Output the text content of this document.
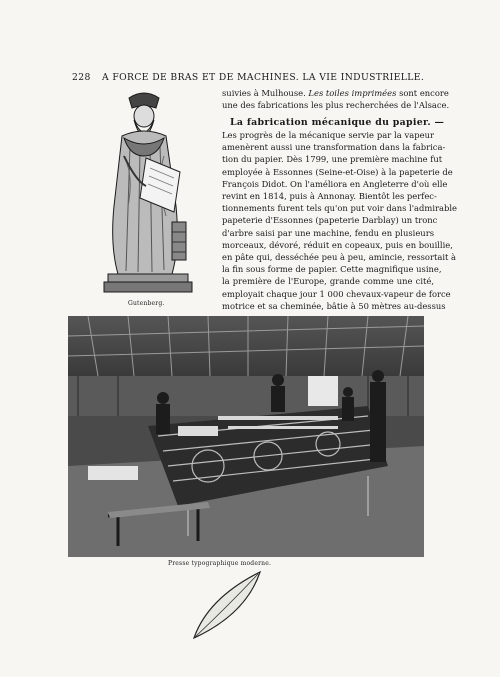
228 A FORCE DE BRAS ET DE MACHINES. LA VIE INDUSTRIELLE.
Gutenberg.
suivies à Mulhouse. Les toiles imprimées sont encore
une des fabrications les plus recherchées de l'Alsace.
La fabrication mécanique du papier. —
Les progrès de la mécanique servie par la vapeur
amenèrent aussi une transformation dans la fabrica-
tion du papier. Dès 1799, une première machine fut
employée à Essonnes (Seine-et-Oise) à la papeterie de
François Didot. On l'améliora en Angleterre d'où elle
revint en 1814, puis à Annonay. Bientôt les perfec-
tionnements furent tels qu'on put voir dans l'admirable
papeterie d'Essonnes (papeterie Darblay) un tronc
d'arbre saisi par une machine, fendu en plusieurs
morceaux, dévoré, réduit en copeaux, puis en bouillie,
en pâte qui, desséchée peu à peu, amincie, ressortait à
la fin sous forme de papier. Cette magnifique usine,
la première de l'Europe, grande comme une cité,
employait chaque jour 1 000 chevaux-vapeur de force
motrice et sa cheminée, bâtie à 50 mètres au-dessus
Presse typographique moderne.
